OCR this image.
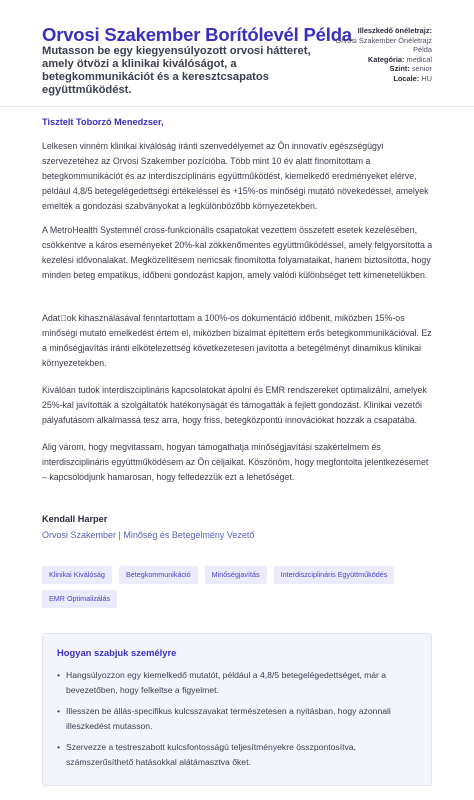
Orvosi Szakember Borítólevél Példa
Mutasson be egy kiegyensúlyozott orvosi hátteret, amely ötvözi a klinikai kiválóságot, a betegkommunikációt és a keresztcsapatos együttműködést.
Illeszkedő önéletrajz:
Orvosi Szakember Önéletrajz Példa
Kategória: medical
Szint: senior
Locale: HU
Tisztelt Toborzó Menedzser,

Lelkesen vinném klinikai kiválóság iránti szenvedélyemet az Ön innovatív egészségügyi szervezetéhez az Orvosi Szakember pozícióba. Több mint 10 év alatt finomítottam a betegkommunikációt és az interdiszciplináris együttműködést, kiemelkedő eredményeket elérve, például 4,8/5 betegelégedettségi értékeléssel és +15%-os minőségi mutató növekedéssel, amelyek emelték a gondozási szabványokat a legkülönbözőbb környezetekben.

A MetroHealth Systemnél cross-funkcionális csapatokat vezettem összetett esetek kezelésében, csökkentve a káros eseményeket 20%-kal zökkenőmentes együttműködéssel, amely felgyorsította a kezelési idővonalakat. Megközelítésem nemcsak finomította folyamataikat, hanem biztosította, hogy minden beteg empatikus, időbeni gondozást kapjon, amely valódi különbséget tett kimenetelükben.

Adat ok kihasználásával fenntartottam a 100%-os dokumentáció időbenit, miközben 15%-os minőségi mutató emelkedést értem el, miközben bizalmat építettem erős betegkommunikációval. Ez a minőségjavítás iránti elkötelezettség következetesen javította a betegélményt dinamikus klinikai környezetekben.

Kiválóan tudok interdiszciplináris kapcsolatokat ápolni és EMR rendszereket optimalizálni, amelyek 25%-kal javították a szolgáltatók hatékonyságát és támogatták a fejlett gondozást. Klinikai vezetői pályafutásom alkalmassá tesz arra, hogy friss, betegközpontú innovációkat hozzak a csapatába.

Alig várom, hogy megvitassam, hogyan támogathatja minőségjavítási szakértelmem és interdiszciplináris együttműködésem az Ön céljaikat. Köszönöm, hogy megfontolta jelentkezésemet – kapcsolódjunk hamarosan, hogy felfedezzük ezt a lehetőséget.

Kendall Harper
Orvosi Szakember | Minőség és Betegélmény Vezető
Klinikai Kiválóság	Betegkommunikáció	Minőségjavítás	Interdiszciplináris Együttműködés
EMR Optimalizálás
Hogyan szabjuk személyre
• Hangsúlyozzon egy kiemelkedő mutatót, például a 4,8/5 betegelégedettséget, már a bevezetőben, hogy felkeltse a figyelmet.
• Illesszen be állás-specifikus kulcsszavakat természetesen a nyitásban, hogy azonnali illeszkedést mutasson.
• Szervezze a testreszabott kulcsfontosságú teljesítményekre összpontosítva, számszerűsíthető hatásokkal alátámasztva őket.
